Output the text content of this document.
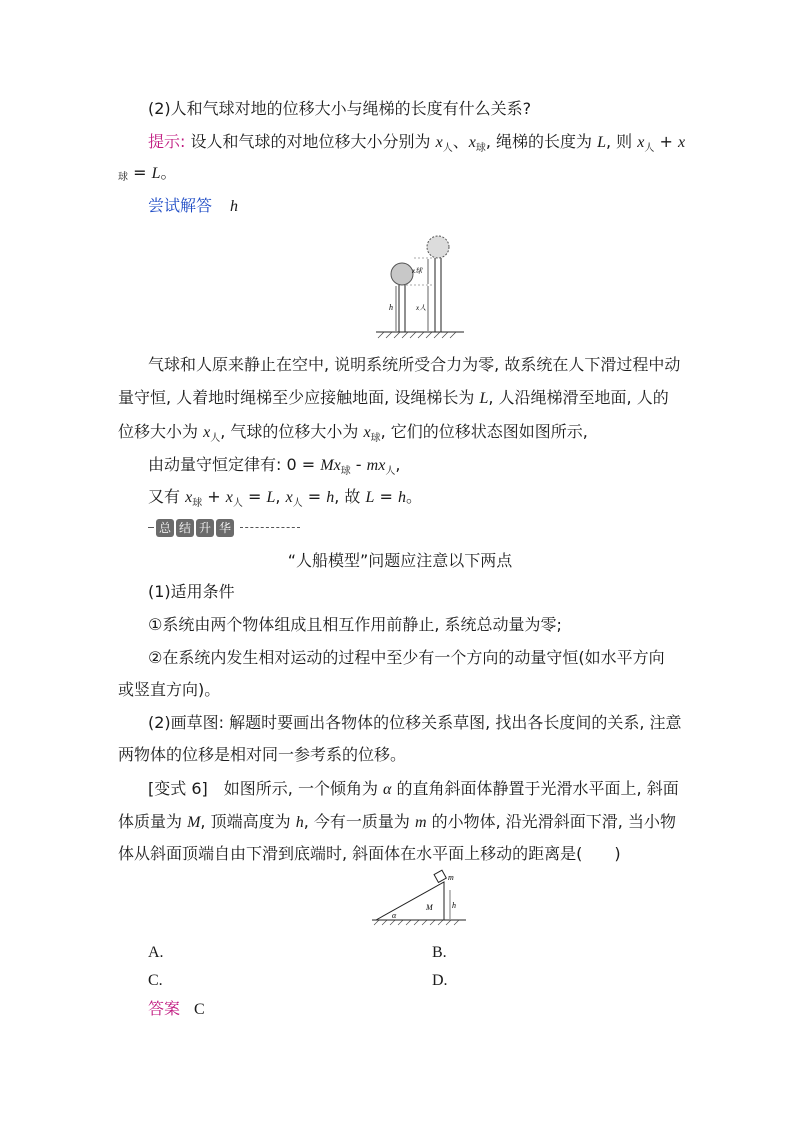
(2)人和气球对地的位移大小与绳梯的长度有什么关系?
提示: 设人和气球的对地位移大小分别为 $x_人$、$x_球$, 绳梯的长度为 L, 则 $x_人 + x$
球 = L。
尝试解答 h
x球
x人
h
气球和人原来静止在空中, 说明系统所受合力为零, 故系统在人下滑过程中动
量守恒, 人着地时绳梯至少应接触地面, 设绳梯长为 L, 人沿绳梯滑至地面, 人的
位移大小为 $x_人$, 气球的位移大小为 $x_球$, 它们的位移状态图如图所示,
由动量守恒定律有: $0 = Mx_球 - mx_人$,
又有 $x_球 + x_人 = L$, $x_人 = h$, 故 L = h。
总 结 升 华
“人船模型”问题应注意以下两点
(1)适用条件
①系统由两个物体组成且相互作用前静止, 系统总动量为零;
②在系统内发生相对运动的过程中至少有一个方向的动量守恒(如水平方向
或竖直方向)。
(2)画草图: 解题时要画出各物体的位移关系草图, 找出各长度间的关系, 注意
两物体的位移是相对同一参考系的位移。
[变式 6] 如图所示, 一个倾角为 α 的直角斜面体静置于光滑水平面上, 斜面
体质量为 M, 顶端高度为 h, 今有一质量为 m 的小物体, 沿光滑斜面下滑, 当小物
体从斜面顶端自由下滑到底端时, 斜面体在水平面上移动的距离是(　　)
m
M h
α
A.	B.
C.	D.
答案 C
